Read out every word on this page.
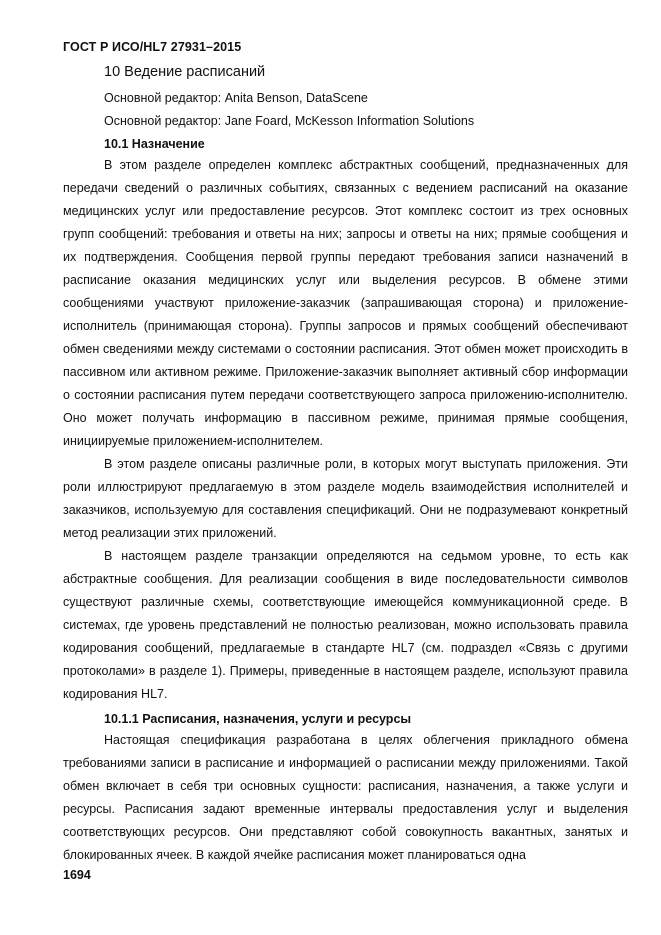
ГОСТ Р ИСО/HL7 27931–2015
10 Ведение расписаний
Основной редактор: Anita Benson, DataScene
Основной редактор: Jane Foard, McKesson Information Solutions
10.1 Назначение

В этом разделе определен комплекс абстрактных сообщений, предназначенных для передачи сведений о различных событиях, связанных с ведением расписаний на оказание медицинских услуг или предоставление ресурсов. Этот комплекс состоит из трех основных групп сообщений: требования и ответы на них; запросы и ответы на них; прямые сообщения и их подтверждения. Сообщения первой группы передают требования записи назначений в расписание оказания медицинских услуг или выделения ресурсов. В обмене этими сообщениями участвуют приложение-заказчик (запрашивающая сторона) и приложение-исполнитель (принимающая сторона). Группы запросов и прямых сообщений обеспечивают обмен сведениями между системами о состоянии расписания. Этот обмен может происходить в пассивном или активном режиме. Приложение-заказчик выполняет активный сбор информации о состоянии расписания путем передачи соответствующего запроса приложению-исполнителю. Оно может получать информацию в пассивном режиме, принимая прямые сообщения, инициируемые приложением-исполнителем.

В этом разделе описаны различные роли, в которых могут выступать приложения. Эти роли иллюстрируют предлагаемую в этом разделе модель взаимодействия исполнителей и заказчиков, используемую для составления спецификаций. Они не подразумевают конкретный метод реализации этих приложений.

В настоящем разделе транзакции определяются на седьмом уровне, то есть как абстрактные сообщения. Для реализации сообщения в виде последовательности символов существуют различные схемы, соответствующие имеющейся коммуникационной среде. В системах, где уровень представлений не полностью реализован, можно использовать правила кодирования сообщений, предлагаемые в стандарте HL7 (см. подраздел «Связь с другими протоколами» в разделе 1). Примеры, приведенные в настоящем разделе, используют правила кодирования HL7.

10.1.1 Расписания, назначения, услуги и ресурсы

Настоящая спецификация разработана в целях облегчения прикладного обмена требованиями записи в расписание и информацией о расписании между приложениями. Такой обмен включает в себя три основных сущности: расписания, назначения, а также услуги и ресурсы. Расписания задают временные интервалы предоставления услуг и выделения соответствующих ресурсов. Они представляют собой совокупность вакантных, занятых и блокированных ячеек. В каждой ячейке расписания может планироваться одна

1694
